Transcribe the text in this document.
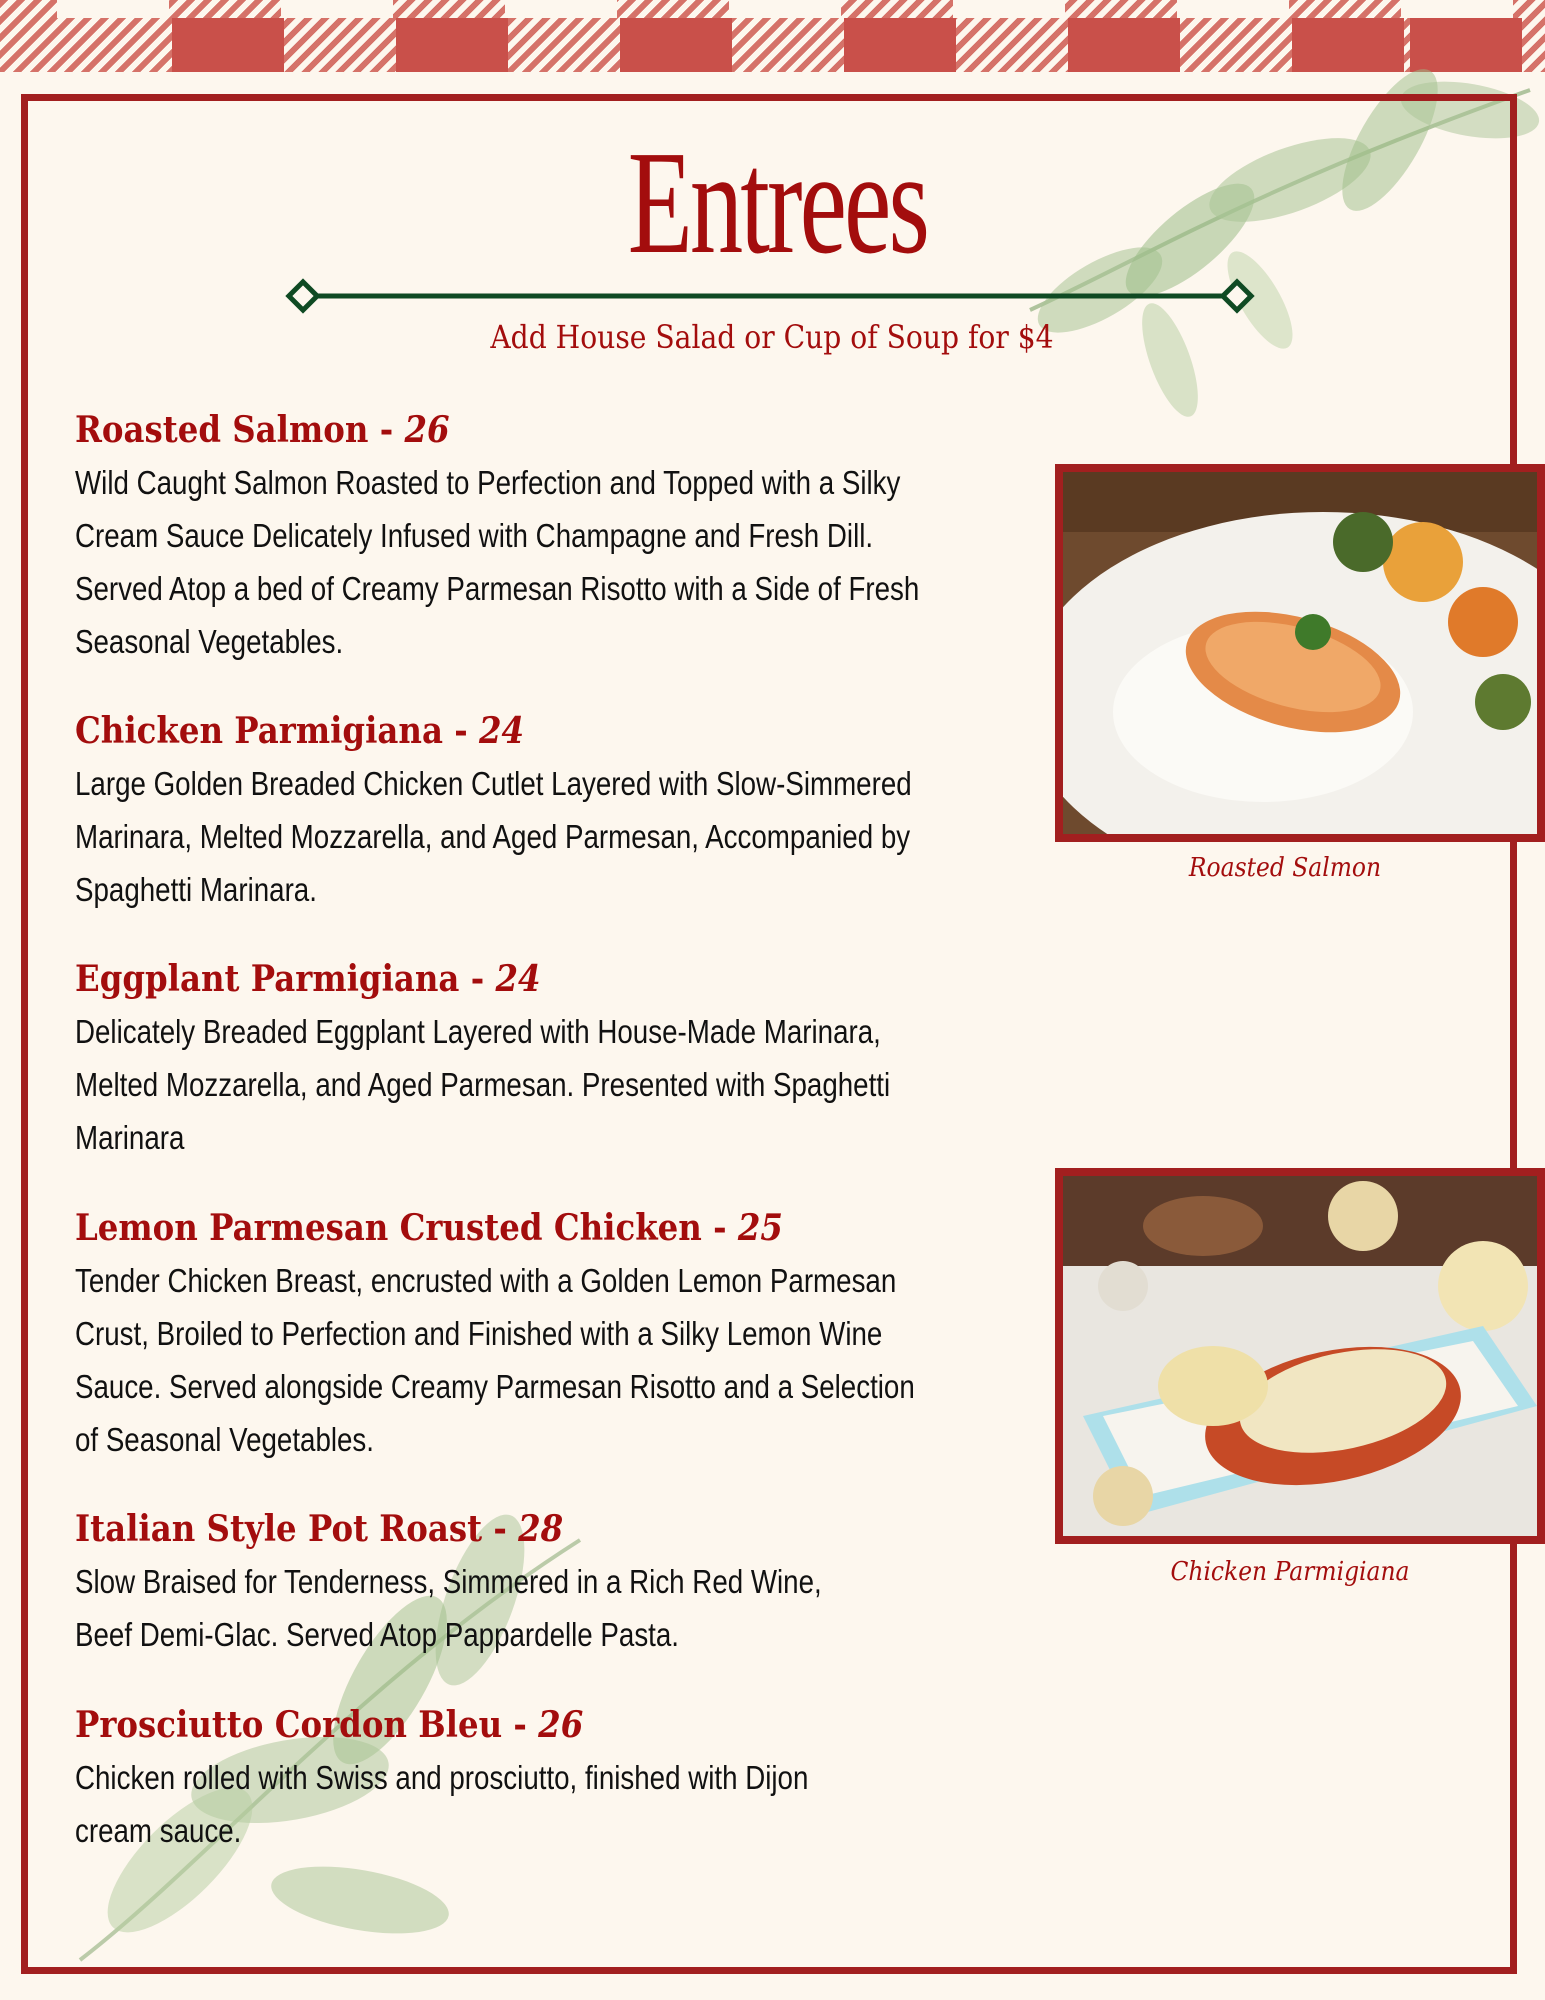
Entrees
Add House Salad or Cup of Soup for $4
Roasted Salmon - 26
Wild Caught Salmon Roasted to Perfection and Topped with a Silky Cream Sauce Delicately Infused with Champagne and Fresh Dill. Served Atop a bed of Creamy Parmesan Risotto with a Side of Fresh Seasonal Vegetables.
Chicken Parmigiana - 24
Large Golden Breaded Chicken Cutlet Layered with Slow-Simmered Marinara, Melted Mozzarella, and Aged Parmesan, Accompanied by Spaghetti Marinara.
Eggplant Parmigiana - 24
Delicately Breaded Eggplant Layered with House-Made Marinara, Melted Mozzarella, and Aged Parmesan. Presented with Spaghetti Marinara
Lemon Parmesan Crusted Chicken - 25
Tender Chicken Breast, encrusted with a Golden Lemon Parmesan Crust, Broiled to Perfection and Finished with a Silky Lemon Wine Sauce. Served alongside Creamy Parmesan Risotto and a Selection of Seasonal Vegetables.
Italian Style Pot Roast - 28
Slow Braised for Tenderness, Simmered in a Rich Red Wine, Beef Demi-Glac. Served Atop Pappardelle Pasta.
Prosciutto Cordon Bleu - 26
Chicken rolled with Swiss and prosciutto, finished with Dijon cream sauce.
Roasted Salmon
Chicken Parmigiana
